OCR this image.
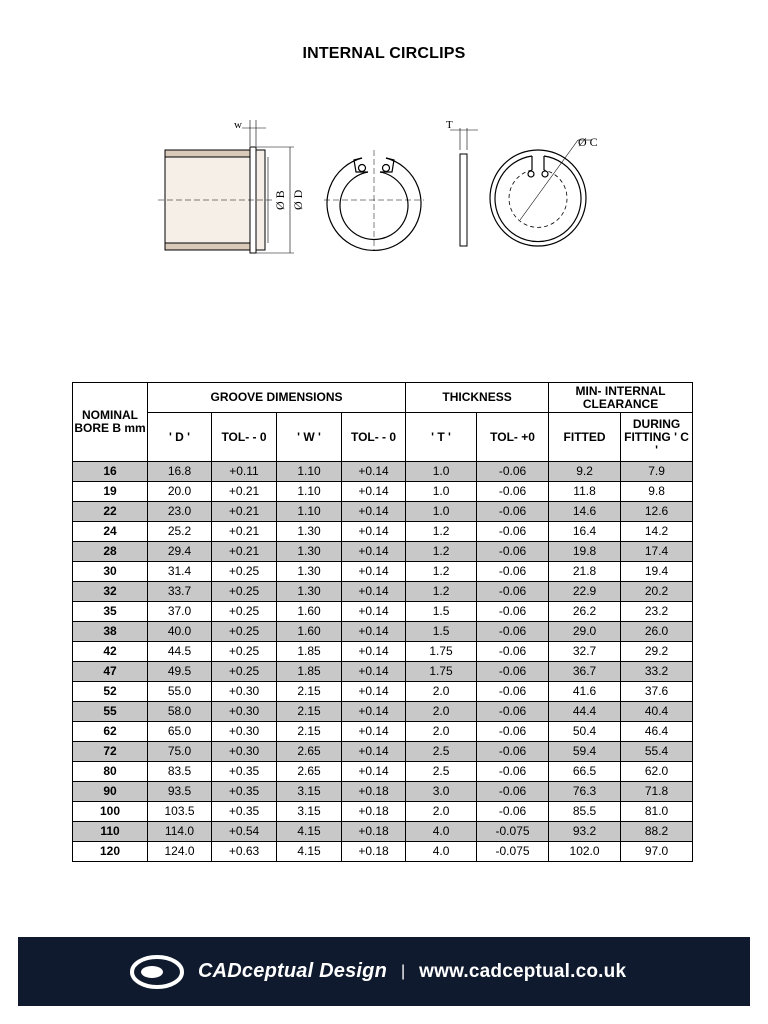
INTERNAL CIRCLIPS
w
Ø B Ø D
T
Ø C
NOMINAL BORE B mm	GROOVE DIMENSIONS				THICKNESS		MIN- INTERNAL CLEARANCE	
	' D '	TOL- - 0	' W '	TOL- - 0	' T '	TOL- +0	FITTED	DURING FITTING ' C '
16	16.8	+0.11	1.10	+0.14	1.0	-0.06	9.2	7.9
19	20.0	+0.21	1.10	+0.14	1.0	-0.06	11.8	9.8
22	23.0	+0.21	1.10	+0.14	1.0	-0.06	14.6	12.6
24	25.2	+0.21	1.30	+0.14	1.2	-0.06	16.4	14.2
28	29.4	+0.21	1.30	+0.14	1.2	-0.06	19.8	17.4
30	31.4	+0.25	1.30	+0.14	1.2	-0.06	21.8	19.4
32	33.7	+0.25	1.30	+0.14	1.2	-0.06	22.9	20.2
35	37.0	+0.25	1.60	+0.14	1.5	-0.06	26.2	23.2
38	40.0	+0.25	1.60	+0.14	1.5	-0.06	29.0	26.0
42	44.5	+0.25	1.85	+0.14	1.75	-0.06	32.7	29.2
47	49.5	+0.25	1.85	+0.14	1.75	-0.06	36.7	33.2
52	55.0	+0.30	2.15	+0.14	2.0	-0.06	41.6	37.6
55	58.0	+0.30	2.15	+0.14	2.0	-0.06	44.4	40.4
62	65.0	+0.30	2.15	+0.14	2.0	-0.06	50.4	46.4
72	75.0	+0.30	2.65	+0.14	2.5	-0.06	59.4	55.4
80	83.5	+0.35	2.65	+0.14	2.5	-0.06	66.5	62.0
90	93.5	+0.35	3.15	+0.18	3.0	-0.06	76.3	71.8
100	103.5	+0.35	3.15	+0.18	2.0	-0.06	85.5	81.0
110	114.0	+0.54	4.15	+0.18	4.0	-0.075	93.2	88.2
120	124.0	+0.63	4.15	+0.18	4.0	-0.075	102.0	97.0
CADceptual Design | www.cadceptual.co.uk
